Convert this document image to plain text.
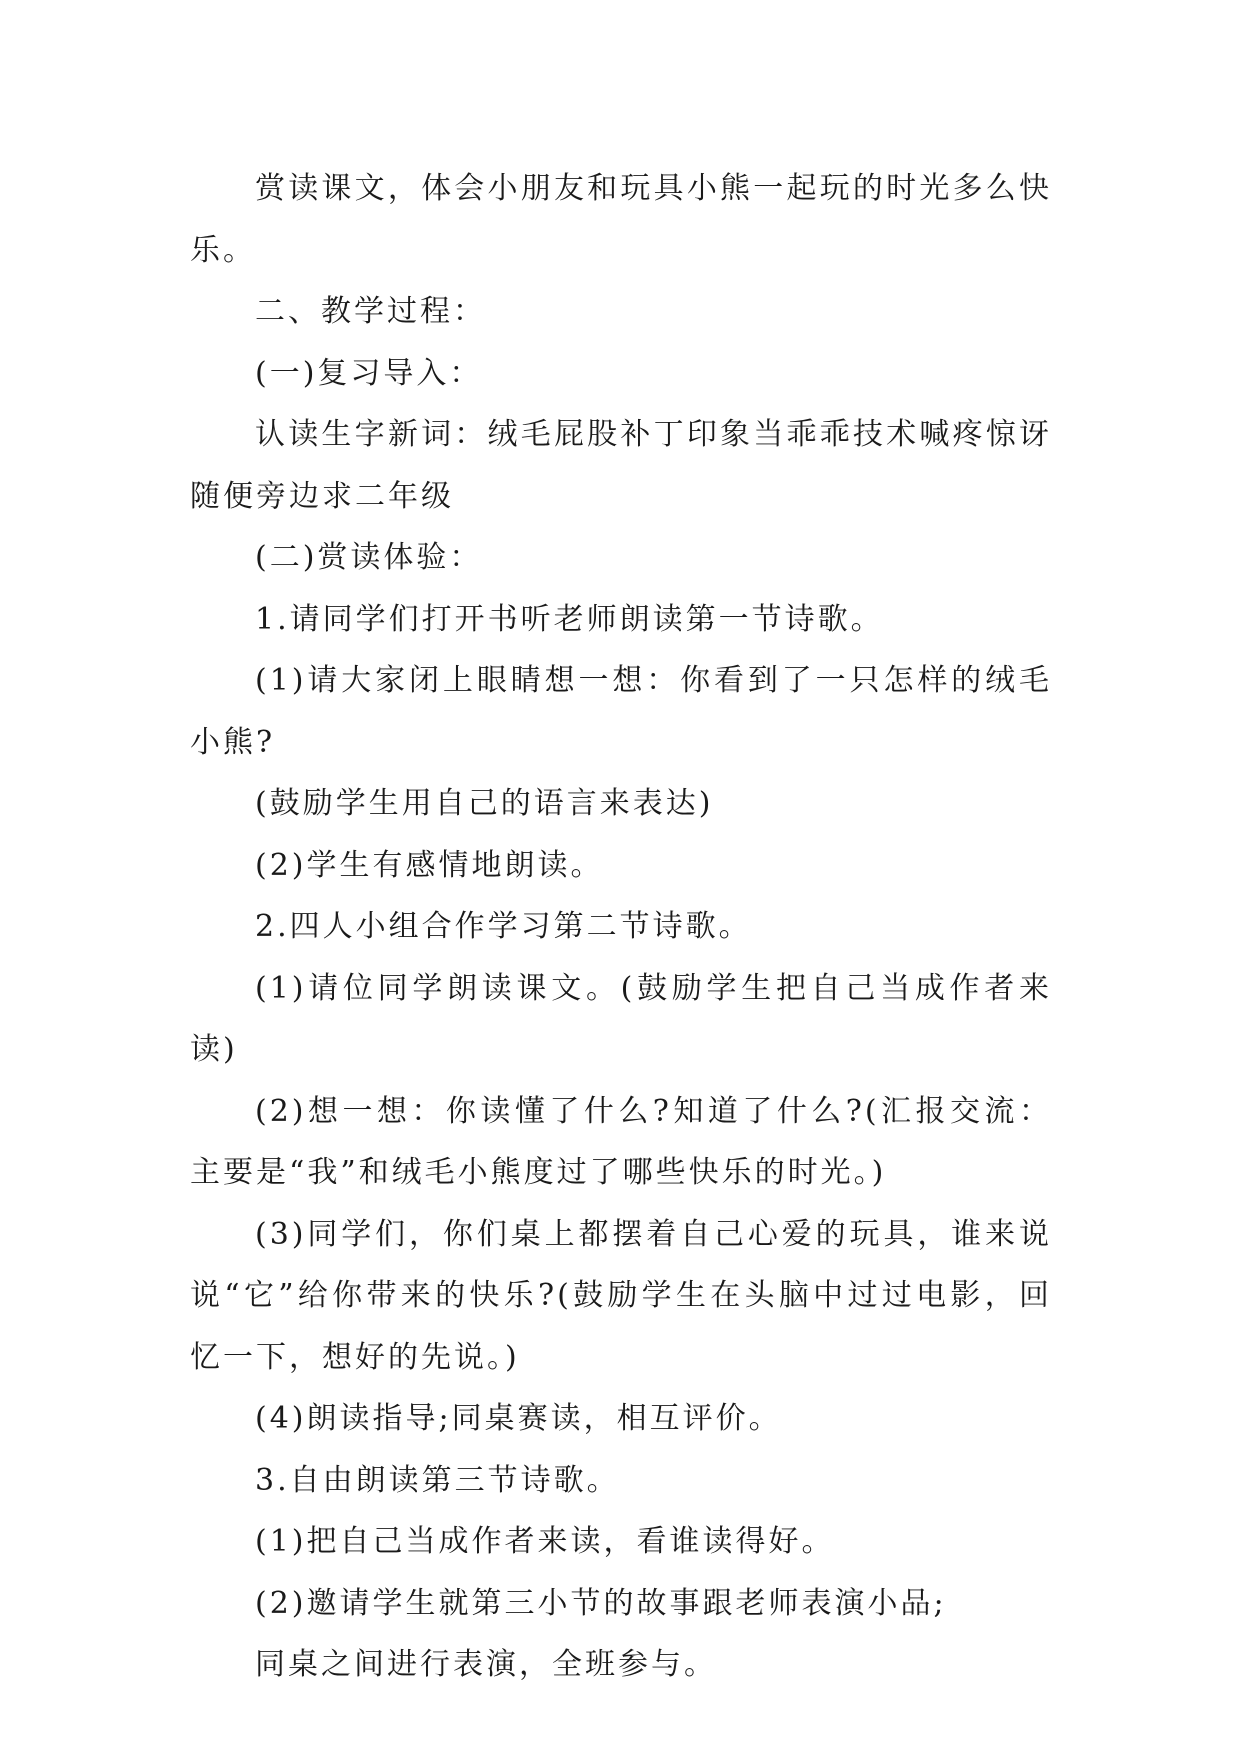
赏读课文，体会小朋友和玩具小熊一起玩的时光多么快乐。

二、教学过程：

(一)复习导入：

认读生字新词：绒毛屁股补丁印象当乖乖技术喊疼惊讶随便旁边求二年级

(二)赏读体验：

1.请同学们打开书听老师朗读第一节诗歌。

(1)请大家闭上眼睛想一想：你看到了一只怎样的绒毛小熊?

(鼓励学生用自己的语言来表达)

(2)学生有感情地朗读。

2.四人小组合作学习第二节诗歌。

(1)请位同学朗读课文。(鼓励学生把自己当成作者来读)

(2)想一想：你读懂了什么?知道了什么?(汇报交流：主要是“我”和绒毛小熊度过了哪些快乐的时光。)

(3)同学们，你们桌上都摆着自己心爱的玩具，谁来说说“它”给你带来的快乐?(鼓励学生在头脑中过过电影，回忆一下，想好的先说。)

(4)朗读指导;同桌赛读，相互评价。

3.自由朗读第三节诗歌。

(1)把自己当成作者来读，看谁读得好。

(2)邀请学生就第三小节的故事跟老师表演小品;

同桌之间进行表演，全班参与。
